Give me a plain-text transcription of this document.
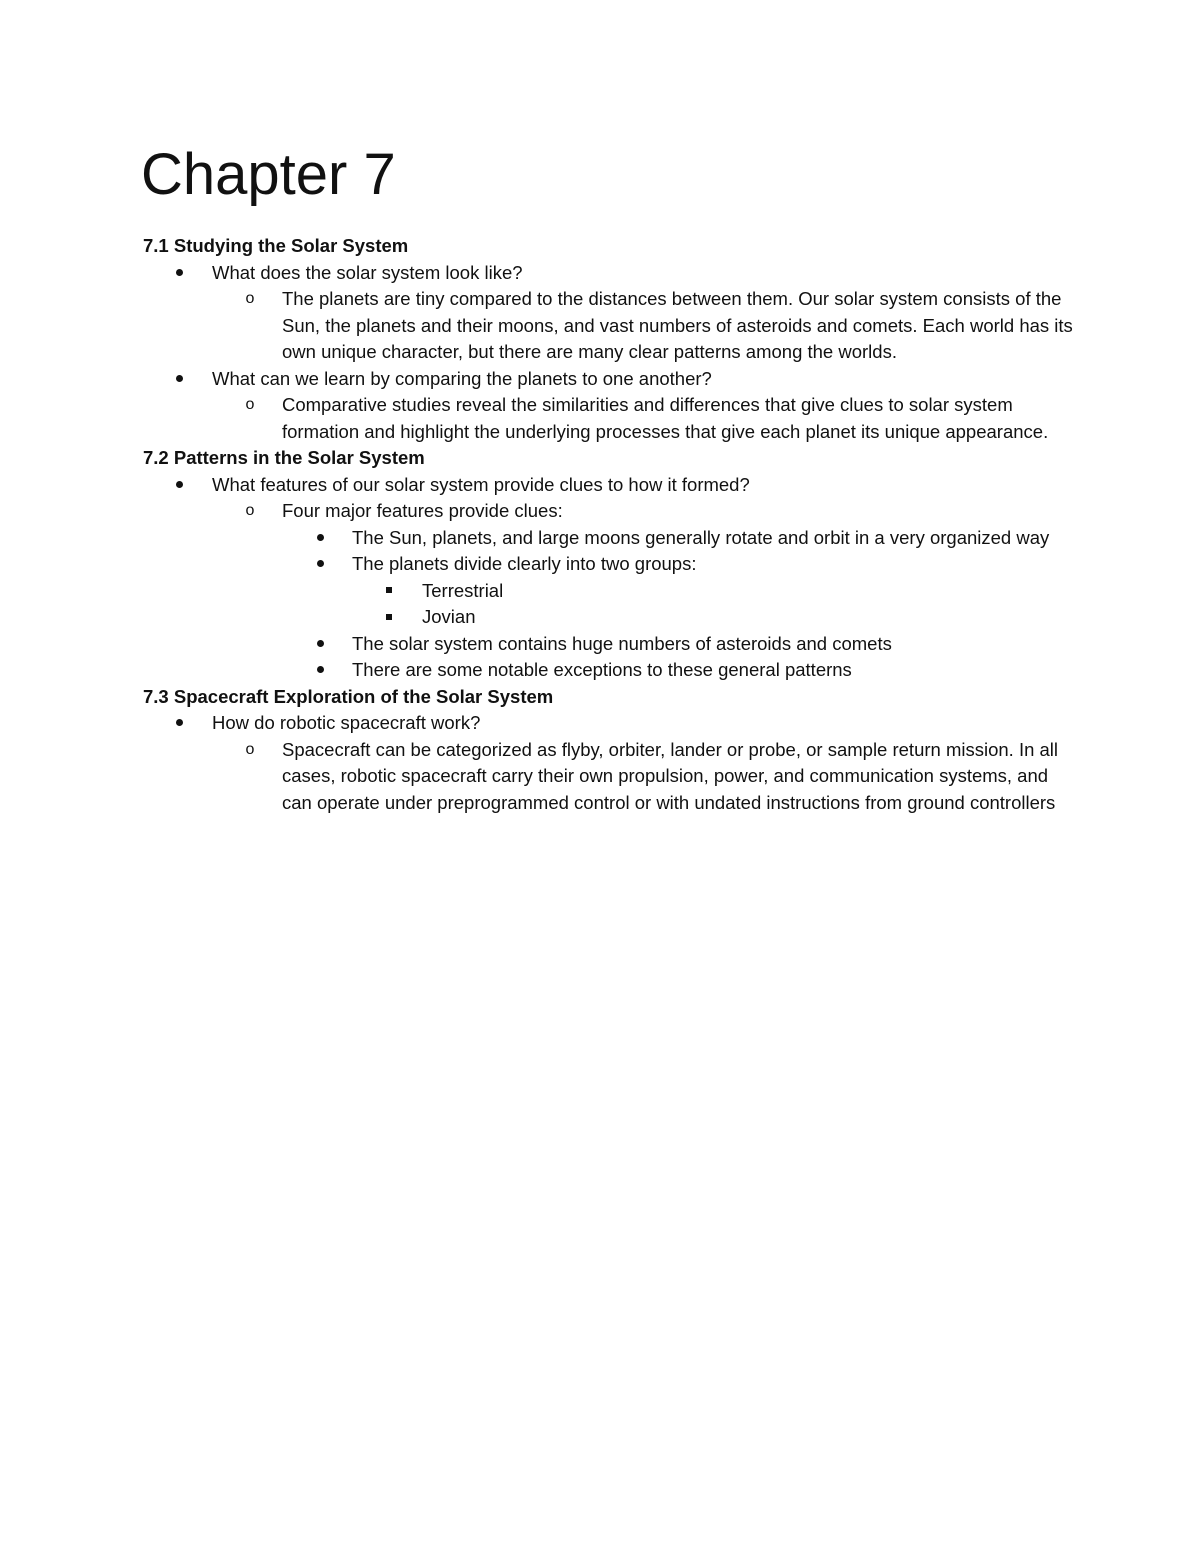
Chapter 7

7.1 Studying the Solar System

What does the solar system look like?
o The planets are tiny compared to the distances between them. Our solar system consists of the Sun, the planets and their moons, and vast numbers of asteroids and comets. Each world has its own unique character, but there are many clear patterns among the worlds.
What can we learn by comparing the planets to one another?
o Comparative studies reveal the similarities and differences that give clues to solar system formation and highlight the underlying processes that give each planet its unique appearance.

7.2 Patterns in the Solar System

What features of our solar system provide clues to how it formed?
o Four major features provide clues:
The Sun, planets, and large moons generally rotate and orbit in a very organized way
The planets divide clearly into two groups:
Terrestrial
Jovian
The solar system contains huge numbers of asteroids and comets
There are some notable exceptions to these general patterns

7.3 Spacecraft Exploration of the Solar System

How do robotic spacecraft work?
o Spacecraft can be categorized as flyby, orbiter, lander or probe, or sample return mission. In all cases, robotic spacecraft carry their own propulsion, power, and communication systems, and can operate under preprogrammed control or with undated instructions from ground controllers
